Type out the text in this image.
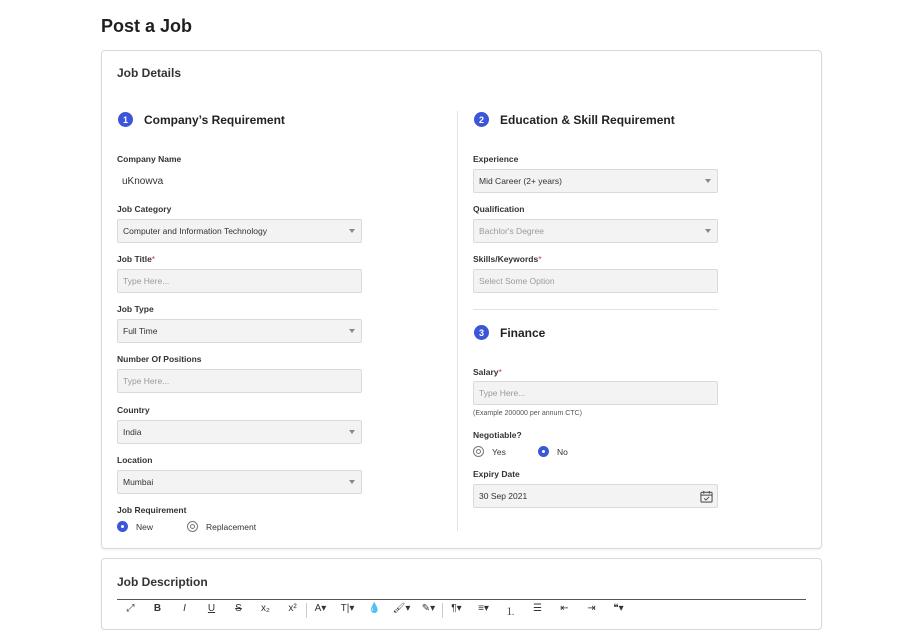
Post a Job
Job Details
1	Company’s Requirement
Company Name
uKnowva
Job Category
Computer and Information Technology
Job Title*
Type Here...
Job Type
Full Time
Number Of Positions
Type Here...
Country
India
Location
Mumbai
Job Requirement
New	Replacement
2	Education & Skill Requirement
Experience
Mid Career (2+ years)
Qualification
Bachlor's Degree
Skills/Keywords*
Select Some Option
3	Finance
Salary*
Type Here...
(Example 200000 per annum CTC)
Negotiable?
Yes	No
Expiry Date
30 Sep 2021
Job Description
⤢	B	I	U	S	x₂	x²	A▾	T|▾	💧	🖌▾	✎▾	¶▾	≡▾	⒈	☰	⇤	⇥	❝▾
